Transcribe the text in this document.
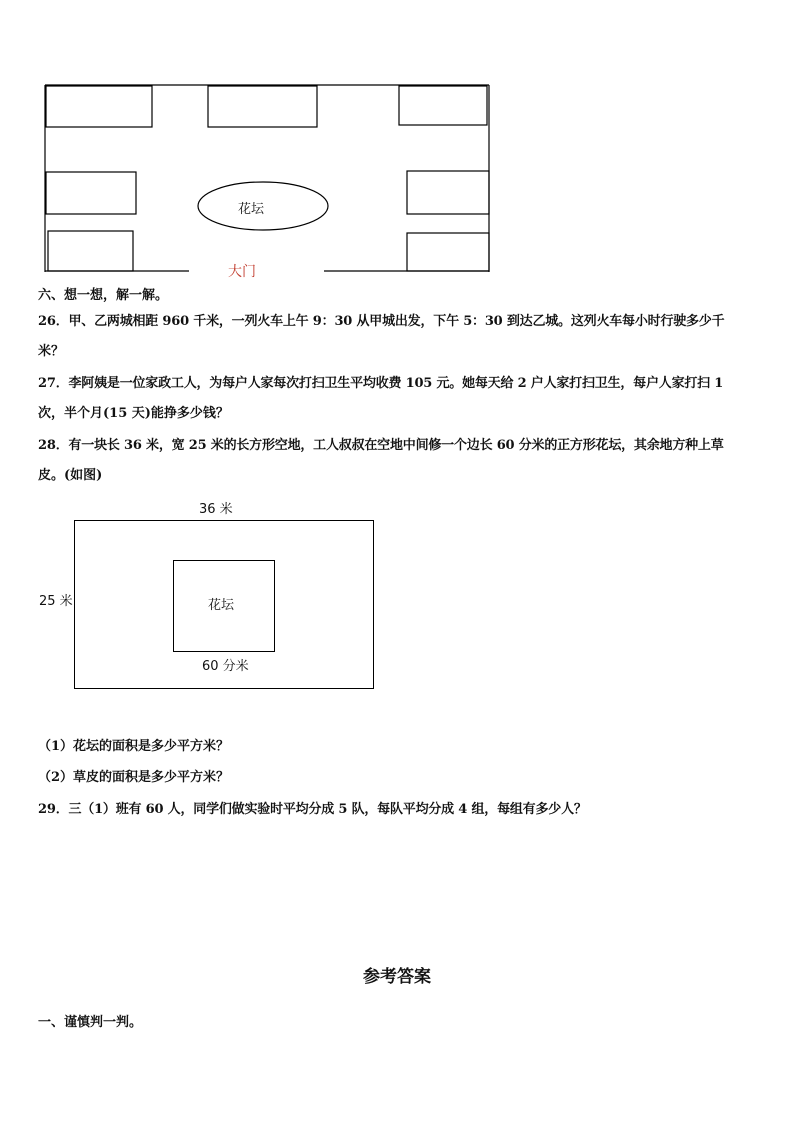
花坛
大门
六、想一想，解一解。
26．甲、乙两城相距 960 千米，一列火车上午 9：30 从甲城出发，下午 5：30 到达乙城。这列火车每小时行驶多少千
米？
27．李阿姨是一位家政工人，为每户人家每次打扫卫生平均收费 105 元。她每天给 2 户人家打扫卫生，每户人家打扫 1
次，半个月(15 天)能挣多少钱？
28．有一块长 36 米，宽 25 米的长方形空地，工人叔叔在空地中间修一个边长 60 分米的正方形花坛，其余地方种上草
皮。(如图)
36 米
25 米	花坛
60 分米
（1）花坛的面积是多少平方米？
（2）草皮的面积是多少平方米？
29．三（1）班有 60 人，同学们做实验时平均分成 5 队，每队平均分成 4 组，每组有多少人？
参考答案
一、谨慎判一判。
